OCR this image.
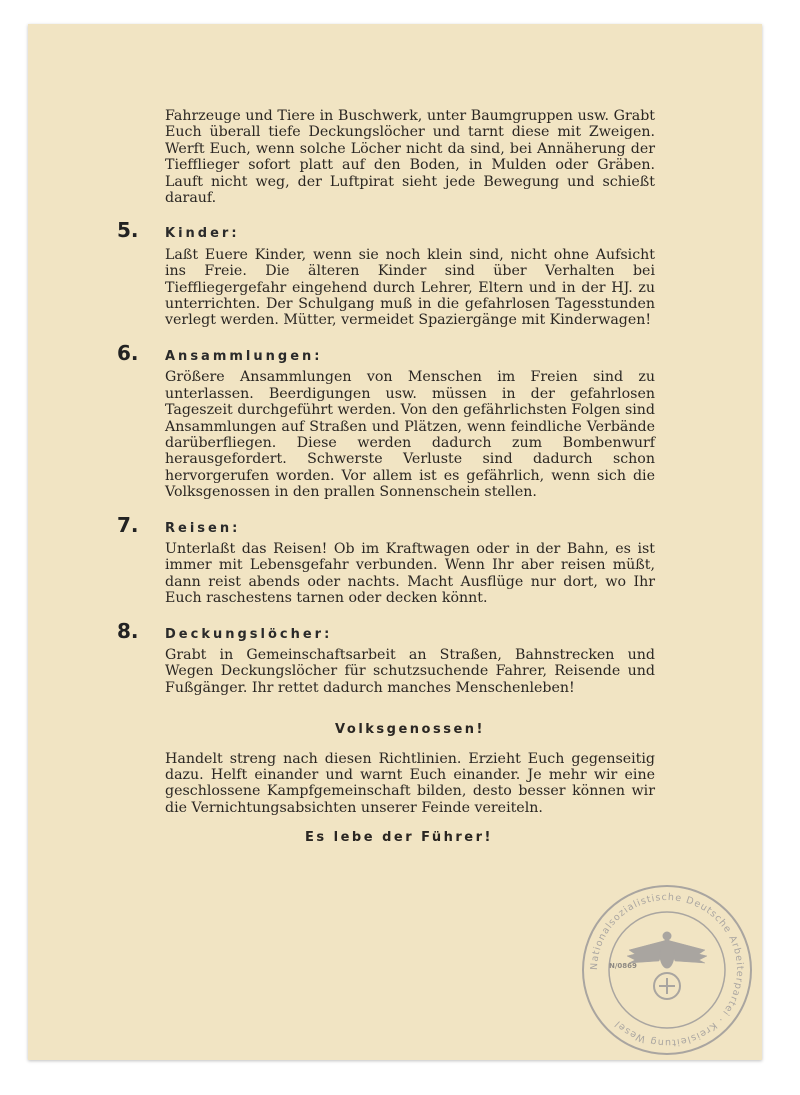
Fahrzeuge und Tiere in Buschwerk, unter Baumgruppen usw. Grabt Euch überall tiefe Deckungslöcher und tarnt diese mit Zweigen. Werft Euch, wenn solche Löcher nicht da sind, bei Annäherung der Tiefflieger sofort platt auf den Boden, in Mulden oder Gräben. Lauft nicht weg, der Luftpirat sieht jede Bewegung und schießt darauf.

5. Kinder:

Laßt Euere Kinder, wenn sie noch klein sind, nicht ohne Aufsicht ins Freie. Die älteren Kinder sind über Verhalten bei Tieffliegergefahr eingehend durch Lehrer, Eltern und in der HJ. zu unterrichten. Der Schulgang muß in die gefahrlosen Tagesstunden verlegt werden. Mütter, vermeidet Spaziergänge mit Kinderwagen!

6. Ansammlungen:

Größere Ansammlungen von Menschen im Freien sind zu unterlassen. Beerdigungen usw. müssen in der gefahrlosen Tageszeit durchgeführt werden. Von den gefährlichsten Folgen sind Ansammlungen auf Straßen und Plätzen, wenn feindliche Verbände darüberfliegen. Diese werden dadurch zum Bombenwurf herausgefordert. Schwerste Verluste sind dadurch schon hervorgerufen worden. Vor allem ist es gefährlich, wenn sich die Volksgenossen in den prallen Sonnenschein stellen.

7. Reisen:

Unterlaßt das Reisen! Ob im Kraftwagen oder in der Bahn, es ist immer mit Lebensgefahr verbunden. Wenn Ihr aber reisen müßt, dann reist abends oder nachts. Macht Ausflüge nur dort, wo Ihr Euch raschestens tarnen oder decken könnt.

8. Deckungslöcher:

Grabt in Gemeinschaftsarbeit an Straßen, Bahnstrecken und Wegen Deckungslöcher für schutzsuchende Fahrer, Reisende und Fußgänger. Ihr rettet dadurch manches Menschenleben!

Volksgenossen!

Handelt streng nach diesen Richtlinien. Erzieht Euch gegenseitig dazu. Helft einander und warnt Euch einander. Je mehr wir eine geschlossene Kampfgemeinschaft bilden, desto besser können wir die Vernichtungsabsichten unserer Feinde vereiteln.

Es lebe der Führer!
Nationalsozialistische Deutsche Arbeiterpartei · Kreisleitung Wesel
N/0869
